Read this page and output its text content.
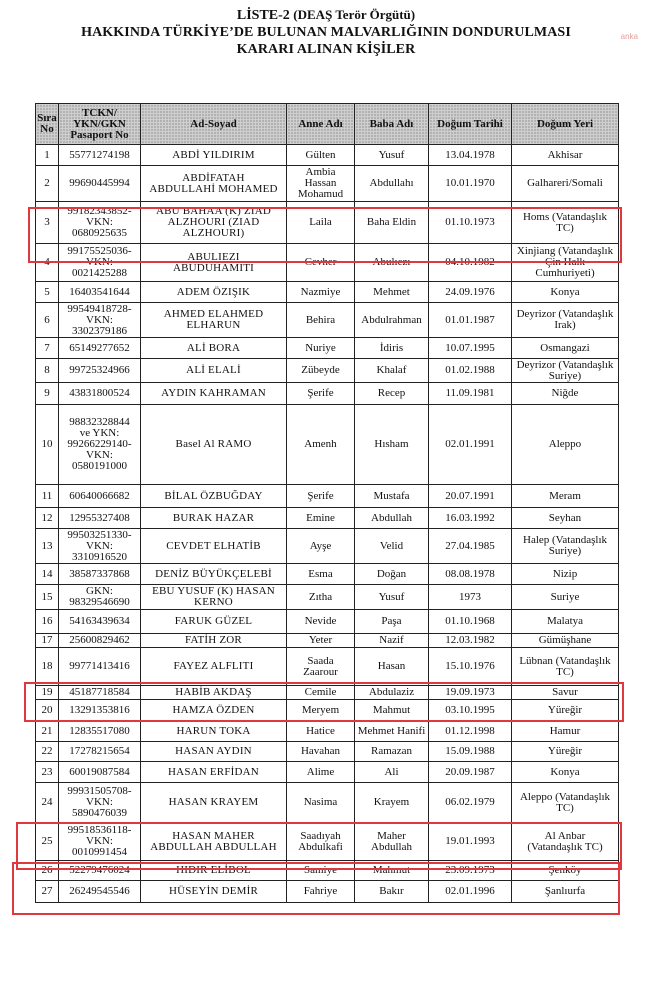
anka
LİSTE-2 (DEAŞ Terör Örgütü)
HAKKINDA TÜRKİYE’DE BULUNAN MALVARLIĞININ DONDURULMASI
KARARI ALINAN KİŞİLER
Sıra
No	TCKN/
YKN/GKN
Pasaport No	Ad-Soyad	Anne Adı	Baba Adı	Doğum Tarihi	Doğum Yeri
1	55771274198	ABDİ YILDIRIM	Gülten	Yusuf	13.04.1978	Akhisar
2	99690445994	ABDİFATAH
ABDULLAHİ MOHAMED	Ambia
Hassan
Mohamud	Abdullahı	10.01.1970	Galhareri/Somali
3	99182343852-
VKN:
0680925635	ABU BAHAA (K) ZIAD
ALZHOURI (ZIAD
ALZHOURI)	Laila	Baha Eldin	01.10.1973	Homs (Vatandaşlık
TC)
4	99175525036-
VKN:
0021425288	ABULIEZI
ABUDUHAMITI	Cevher	Abulıezı	04.10.1982	Xinjiang (Vatandaşlık
Çin Halk
Cumhuriyeti)
5	16403541644	ADEM ÖZIŞIK	Nazmiye	Mehmet	24.09.1976	Konya
6	99549418728-
VKN:
3302379186	AHMED ELAHMED
ELHARUN	Behira	Abdulrahman	01.01.1987	Deyrizor (Vatandaşlık
Irak)
7	65149277652	ALİ BORA	Nuriye	İdiris	10.07.1995	Osmangazi
8	99725324966	ALİ ELALİ	Zübeyde	Khalaf	01.02.1988	Deyrizor (Vatandaşlık
Suriye)
9	43831800524	AYDIN KAHRAMAN	Şerife	Recep	11.09.1981	Niğde
10	98832328844
ve YKN:
99266229140-
VKN:
0580191000	Basel Al RAMO	Amenh	Hısham	02.01.1991	Aleppo
11	60640066682	BİLAL ÖZBUĞDAY	Şerife	Mustafa	20.07.1991	Meram
12	12955327408	BURAK HAZAR	Emine	Abdullah	16.03.1992	Seyhan
13	99503251330-
VKN:
3310916520	CEVDET ELHATİB	Ayşe	Velid	27.04.1985	Halep (Vatandaşlık
Suriye)
14	38587337868	DENİZ BÜYÜKÇELEBİ	Esma	Doğan	08.08.1978	Nizip
15	GKN:
98329546690	EBU YUSUF (K) HASAN
KERNO	Zıtha	Yusuf	1973	Suriye
16	54163439634	FARUK GÜZEL	Nevide	Paşa	01.10.1968	Malatya
17	25600829462	FATİH ZOR	Yeter	Nazif	12.03.1982	Gümüşhane
18	99771413416	FAYEZ ALFLITI	Saada
Zaarour	Hasan	15.10.1976	Lübnan (Vatandaşlık
TC)
19	45187718584	HABİB AKDAŞ	Cemile	Abdulaziz	19.09.1973	Savur
20	13291353816	HAMZA ÖZDEN	Meryem	Mahmut	03.10.1995	Yüreğir
21	12835517080	HARUN TOKA	Hatice	Mehmet Hanifi	01.12.1998	Hamur
22	17278215654	HASAN AYDIN	Havahan	Ramazan	15.09.1988	Yüreğir
23	60019087584	HASAN ERFİDAN	Alime	Ali	20.09.1987	Konya
24	99931505708-
VKN:
5890476039	HASAN KRAYEM	Nasima	Krayem	06.02.1979	Aleppo (Vatandaşlık
TC)
25	99518536118-
VKN:
0010991454	HASAN MAHER
ABDULLAH ABDULLAH	Saadıyah
Abdulkafi	Maher Abdullah	19.01.1993	Al Anbar
(Vatandaşlık TC)
26	52279476024	HIDIR ELİBOL	Samiye	Mahmut	23.09.1973	Şenköy
27	26249545546	HÜSEYİN DEMİR	Fahriye	Bakır	02.01.1996	Şanlıurfa
